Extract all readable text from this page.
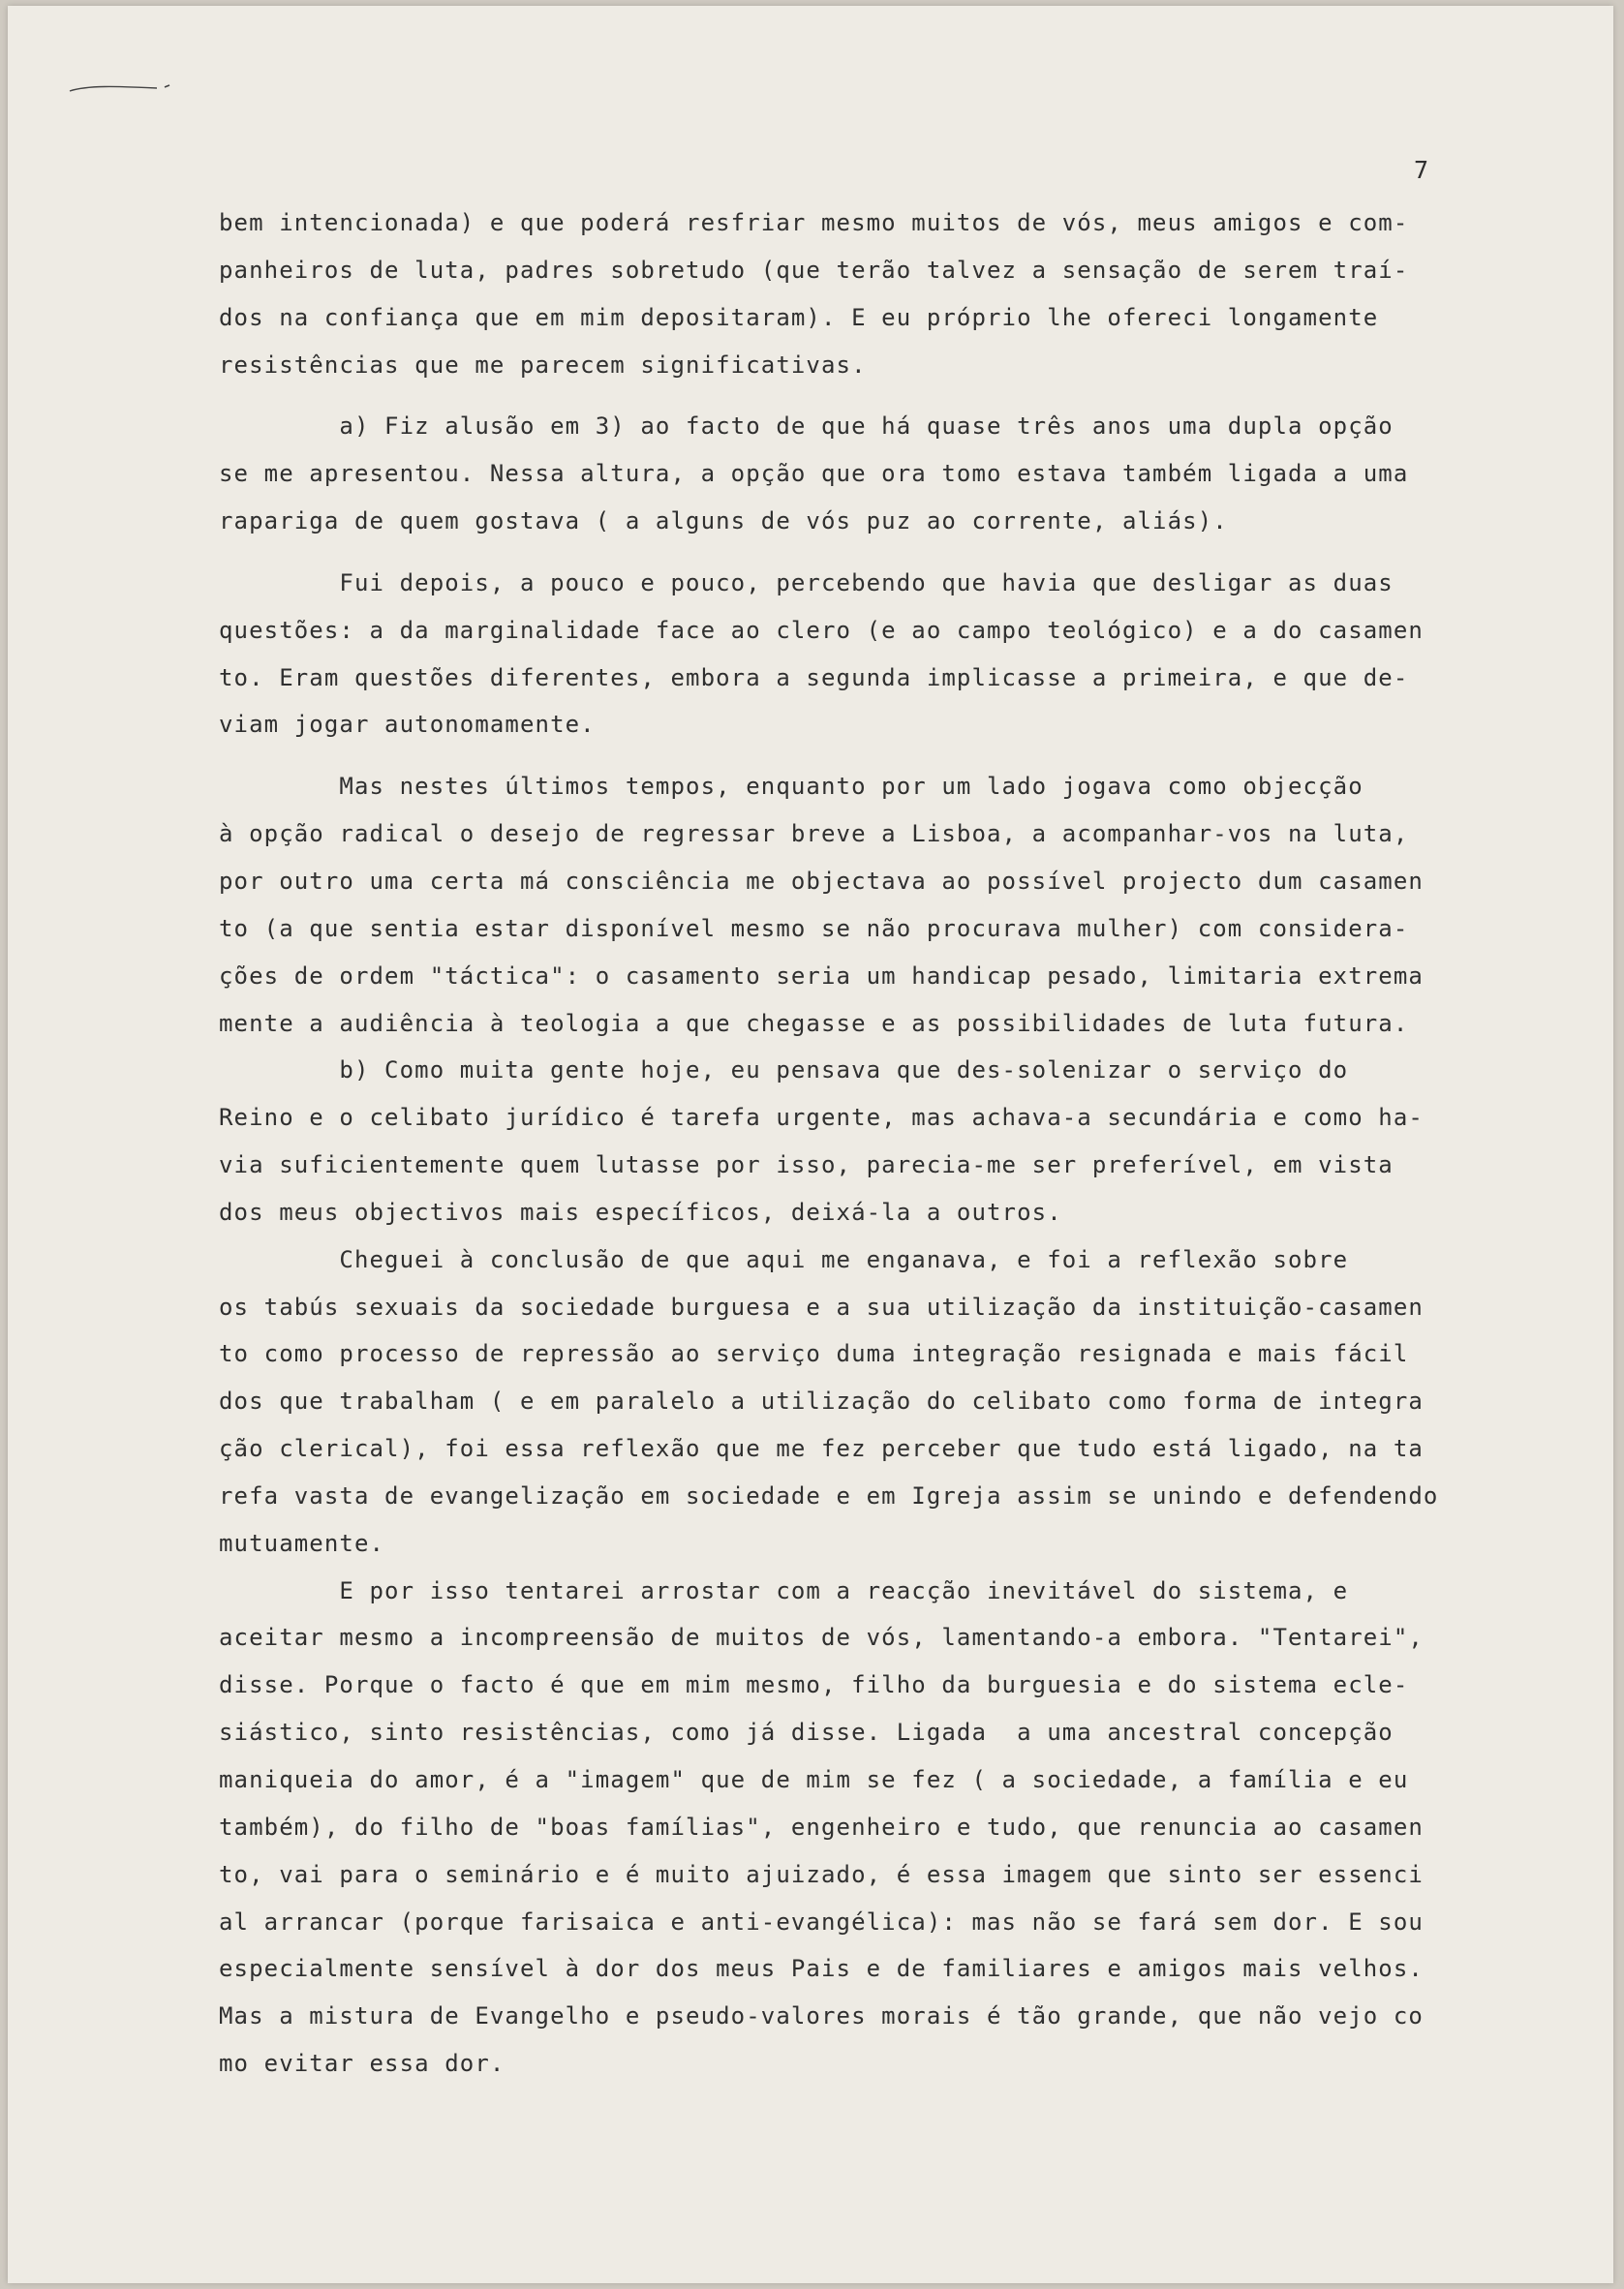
7
bem intencionada) e que poderá resfriar mesmo muitos de vós, meus amigos e com-
panheiros de luta, padres sobretudo (que terão talvez a sensação de serem traí-
dos na confiança que em mim depositaram). E eu próprio lhe ofereci longamente
resistências que me parecem significativas.
a) Fiz alusão em 3) ao facto de que há quase três anos uma dupla opção
se me apresentou. Nessa altura, a opção que ora tomo estava também ligada a uma
rapariga de quem gostava ( a alguns de vós puz ao corrente, aliás).
Fui depois, a pouco e pouco, percebendo que havia que desligar as duas
questões: a da marginalidade face ao clero (e ao campo teológico) e a do casamen
to. Eram questões diferentes, embora a segunda implicasse a primeira, e que de-
viam jogar autonomamente.
Mas nestes últimos tempos, enquanto por um lado jogava como objecção
à opção radical o desejo de regressar breve a Lisboa, a acompanhar-vos na luta,
por outro uma certa má consciência me objectava ao possível projecto dum casamen
to (a que sentia estar disponível mesmo se não procurava mulher) com considera-
ções de ordem "táctica": o casamento seria um handicap pesado, limitaria extrema
mente a audiência à teologia a que chegasse e as possibilidades de luta futura.
b) Como muita gente hoje, eu pensava que des-solenizar o serviço do
Reino e o celibato jurídico é tarefa urgente, mas achava-a secundária e como ha-
via suficientemente quem lutasse por isso, parecia-me ser preferível, em vista
dos meus objectivos mais específicos, deixá-la a outros.
Cheguei à conclusão de que aqui me enganava, e foi a reflexão sobre
os tabús sexuais da sociedade burguesa e a sua utilização da instituição-casamen
to como processo de repressão ao serviço duma integração resignada e mais fácil
dos que trabalham ( e em paralelo a utilização do celibato como forma de integra
ção clerical), foi essa reflexão que me fez perceber que tudo está ligado, na ta
refa vasta de evangelização em sociedade e em Igreja assim se unindo e defendendo
mutuamente.
E por isso tentarei arrostar com a reacção inevitável do sistema, e
aceitar mesmo a incompreensão de muitos de vós, lamentando-a embora. "Tentarei",
disse. Porque o facto é que em mim mesmo, filho da burguesia e do sistema ecle-
siástico, sinto resistências, como já disse. Ligada  a uma ancestral concepção
maniqueia do amor, é a "imagem" que de mim se fez ( a sociedade, a família e eu
também), do filho de "boas famílias", engenheiro e tudo, que renuncia ao casamen
to, vai para o seminário e é muito ajuizado, é essa imagem que sinto ser essenci
al arrancar (porque farisaica e anti-evangélica): mas não se fará sem dor. E sou
especialmente sensível à dor dos meus Pais e de familiares e amigos mais velhos.
Mas a mistura de Evangelho e pseudo-valores morais é tão grande, que não vejo co
mo evitar essa dor.
